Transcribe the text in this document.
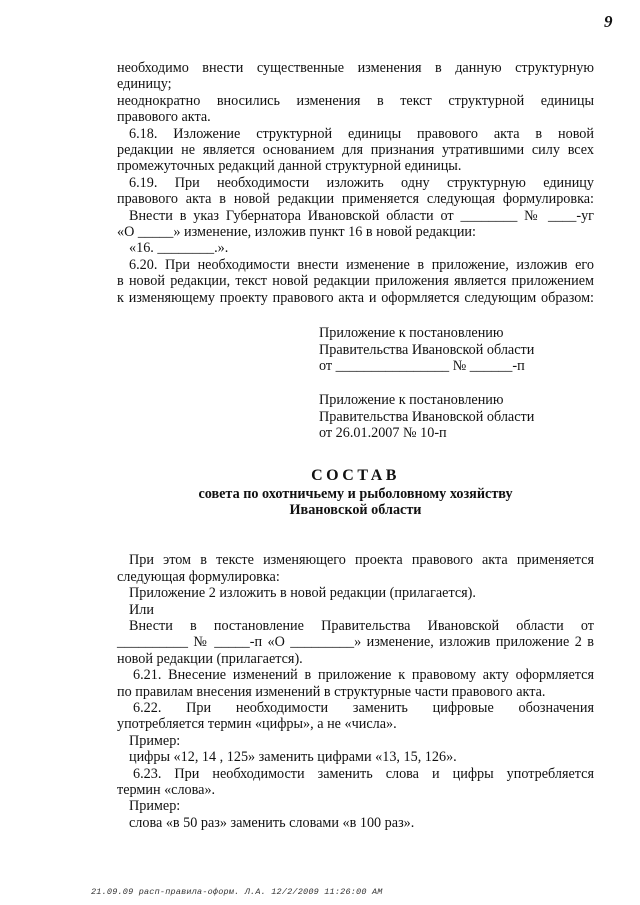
9
необходимо внести существенные изменения в данную структурную
единицу;
неоднократно вносились изменения в текст структурной единицы
правового акта.
6.18. Изложение структурной единицы правового акта в новой
редакции не является основанием для признания утратившими силу всех
промежуточных редакций данной структурной единицы.
6.19. При необходимости изложить одну структурную единицу
правового акта в новой редакции применяется следующая формулировка:
Внести в указ Губернатора Ивановской области от ________ № ____-уг
«О _____» изменение, изложив пункт 16 в новой редакции:
«16. ________.».
6.20. При необходимости внести изменение в приложение, изложив его
в новой редакции, текст новой редакции приложения является приложением
к изменяющему проекту правового акта и оформляется следующим образом:
Приложение к постановлению
Правительства Ивановской области
от ________________ № ______-п
Приложение к постановлению
Правительства Ивановской области
от 26.01.2007 № 10-п
СОСТАВ
совета по охотничьему и рыболовному хозяйству
Ивановской области
При этом в тексте изменяющего проекта правового акта применяется
следующая формулировка:
Приложение 2 изложить в новой редакции (прилагается).
Или
Внести в постановление Правительства Ивановской области от
__________ № _____-п «О _________» изменение, изложив приложение 2 в
новой редакции (прилагается).
6.21. Внесение изменений в приложение к правовому акту оформляется
по правилам внесения изменений в структурные части правового акта.
6.22. При необходимости заменить цифровые обозначения
употребляется термин «цифры», а не «числа».
Пример:
цифры «12, 14 , 125» заменить цифрами «13, 15, 126».
6.23. При необходимости заменить слова и цифры употребляется
термин «слова».
Пример:
слова «в 50 раз» заменить словами «в 100 раз».
21.09.09 расп-правила-оформ. Л.А. 12/2/2009 11:26:00 AM
